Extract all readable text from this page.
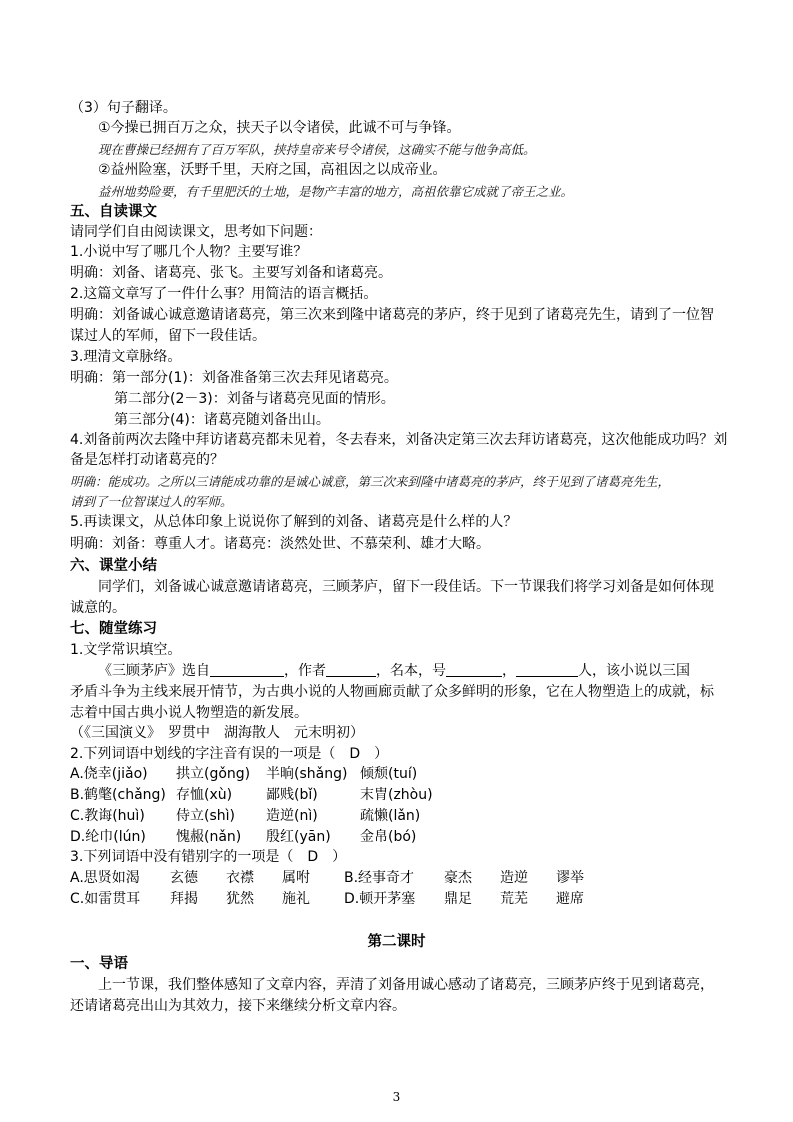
（3）句子翻译。
①今操已拥百万之众，挟天子以令诸侯，此诚不可与争锋。
现在曹操已经拥有了百万军队，挟持皇帝来号令诸侯，这确实不能与他争高低。
②益州险塞，沃野千里，天府之国，高祖因之以成帝业。
益州地势险要，有千里肥沃的土地，是物产丰富的地方，高祖依靠它成就了帝王之业。
五、自读课文
请同学们自由阅读课文，思考如下问题：
1.小说中写了哪几个人物？主要写谁？
明确：刘备、诸葛亮、张飞。主要写刘备和诸葛亮。
2.这篇文章写了一件什么事？用简洁的语言概括。
明确：刘备诚心诚意邀请诸葛亮，第三次来到隆中诸葛亮的茅庐，终于见到了诸葛亮先生，请到了一位智
谋过人的军师，留下一段佳话。
3.理清文章脉络。
明确：第一部分(1)：刘备准备第三次去拜见诸葛亮。
第二部分(2－3)：刘备与诸葛亮见面的情形。
第三部分(4)：诸葛亮随刘备出山。
4.刘备前两次去隆中拜访诸葛亮都未见着，冬去春来，刘备决定第三次去拜访诸葛亮，这次他能成功吗？刘
备是怎样打动诸葛亮的？
明确：能成功。之所以三请能成功靠的是诚心诚意，第三次来到隆中诸葛亮的茅庐，终于见到了诸葛亮先生，
请到了一位智谋过人的军师。
5.再读课文，从总体印象上说说你了解到的刘备、诸葛亮是什么样的人？
明确：刘备：尊重人才。诸葛亮：淡然处世、不慕荣利、雄才大略。
六、课堂小结
同学们，刘备诚心诚意邀请诸葛亮，三顾茅庐，留下一段佳话。下一节课我们将学习刘备是如何体现
诚意的。
七、随堂练习
1.文学常识填空。
《三顾茅庐》选自	，作者	，名本，号	，	人，该小说以三国
矛盾斗争为主线来展开情节，为古典小说的人物画廊贡献了众多鲜明的形象，它在人物塑造上的成就，标
志着中国古典小说人物塑造的新发展。
（《三国演义》　罗贯中　湖海散人　元末明初）
2.下列词语中划线的字注音有误的一项是（　D　）
A.侥幸(jiǎo) 拱立(gǒng) 半晌(shǎng) 倾颓(tuí)
B.鹤氅(chǎng) 存恤(xù) 鄙贱(bǐ)	末胄(zhòu)
C.教诲(huì) 侍立(shì) 造逆(nì)	疏懒(lǎn)
D.纶巾(lún) 愧赧(nǎn) 殷红(yān) 金帛(bó)
3.下列词语中没有错别字的一项是（　D　）
A.思贤如渴 玄德 衣襟 属咐 B.经事奇才 豪杰 造逆 谬举
C.如雷贯耳 拜揭 犹然 施礼 D.顿开茅塞 鼎足 荒芜 避席
第二课时
一、导语
上一节课，我们整体感知了文章内容，弄清了刘备用诚心感动了诸葛亮，三顾茅庐终于见到诸葛亮，
还请诸葛亮出山为其效力，接下来继续分析文章内容。
3
